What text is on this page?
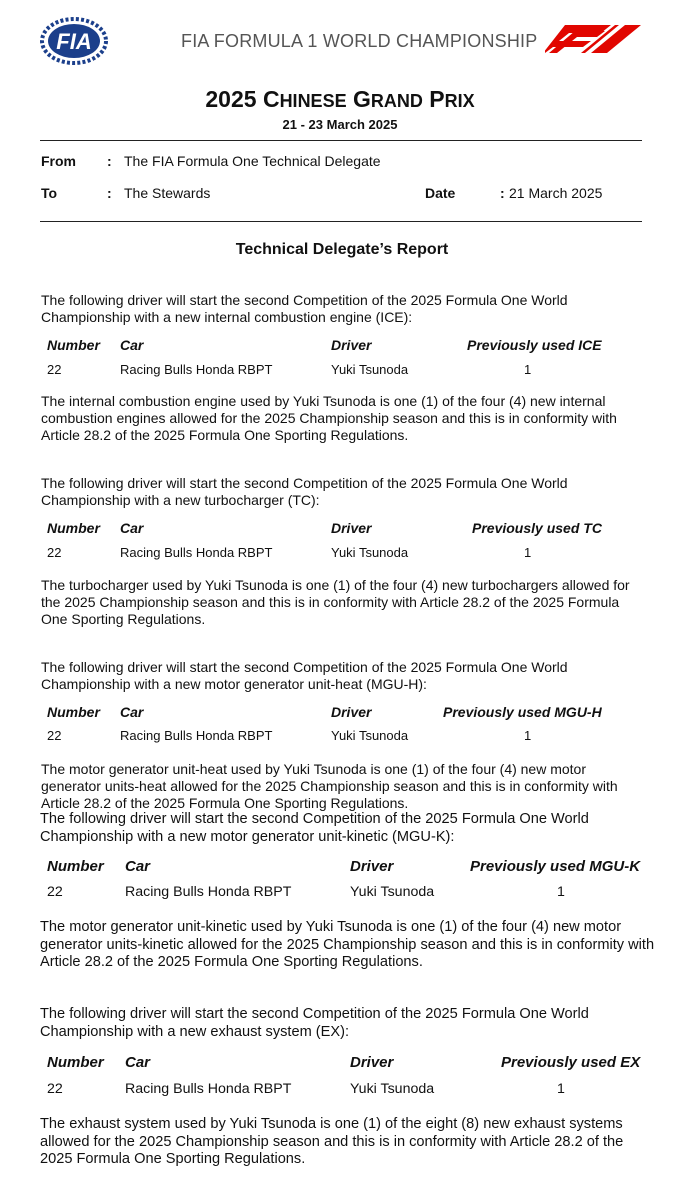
FIA	FIA FORMULA 1 WORLD CHAMPIONSHIP
2025 CHINESE GRAND PRIX
21 - 23 March 2025
From : The FIA Formula One Technical Delegate
To	: The Stewards	Date	: 21 March 2025
Technical Delegate’s Report
The following driver will start the second Competition of the 2025 Formula One World
Championship with a new internal combustion engine (ICE):
Number Car	Driver	Previously used ICE
22	Racing Bulls Honda RBPT	Yuki Tsunoda	1
The internal combustion engine used by Yuki Tsunoda is one (1) of the four (4) new internal
combustion engines allowed for the 2025 Championship season and this is in conformity with
Article 28.2 of the 2025 Formula One Sporting Regulations.
The following driver will start the second Competition of the 2025 Formula One World
Championship with a new turbocharger (TC):
Number Car	Driver	Previously used TC
22	Racing Bulls Honda RBPT	Yuki Tsunoda	1
The turbocharger used by Yuki Tsunoda is one (1) of the four (4) new turbochargers allowed for
the 2025 Championship season and this is in conformity with Article 28.2 of the 2025 Formula
One Sporting Regulations.
The following driver will start the second Competition of the 2025 Formula One World
Championship with a new motor generator unit-heat (MGU-H):
Number Car	Driver	Previously used MGU-H
22	Racing Bulls Honda RBPT	Yuki Tsunoda	1
The motor generator unit-heat used by Yuki Tsunoda is one (1) of the four (4) new motor
generator units-heat allowed for the 2025 Championship season and this is in conformity with
Article 28.2 of the 2025 Formula One Sporting Regulations.
The following driver will start the second Competition of the 2025 Formula One World
Championship with a new motor generator unit-kinetic (MGU-K):
Number Car	Driver	Previously used MGU-K
22	Racing Bulls Honda RBPT	Yuki Tsunoda	1
The motor generator unit-kinetic used by Yuki Tsunoda is one (1) of the four (4) new motor
generator units-kinetic allowed for the 2025 Championship season and this is in conformity with
Article 28.2 of the 2025 Formula One Sporting Regulations.
The following driver will start the second Competition of the 2025 Formula One World
Championship with a new exhaust system (EX):
Number Car	Driver	Previously used EX
22	Racing Bulls Honda RBPT	Yuki Tsunoda	1
The exhaust system used by Yuki Tsunoda is one (1) of the eight (8) new exhaust systems
allowed for the 2025 Championship season and this is in conformity with Article 28.2 of the
2025 Formula One Sporting Regulations.
